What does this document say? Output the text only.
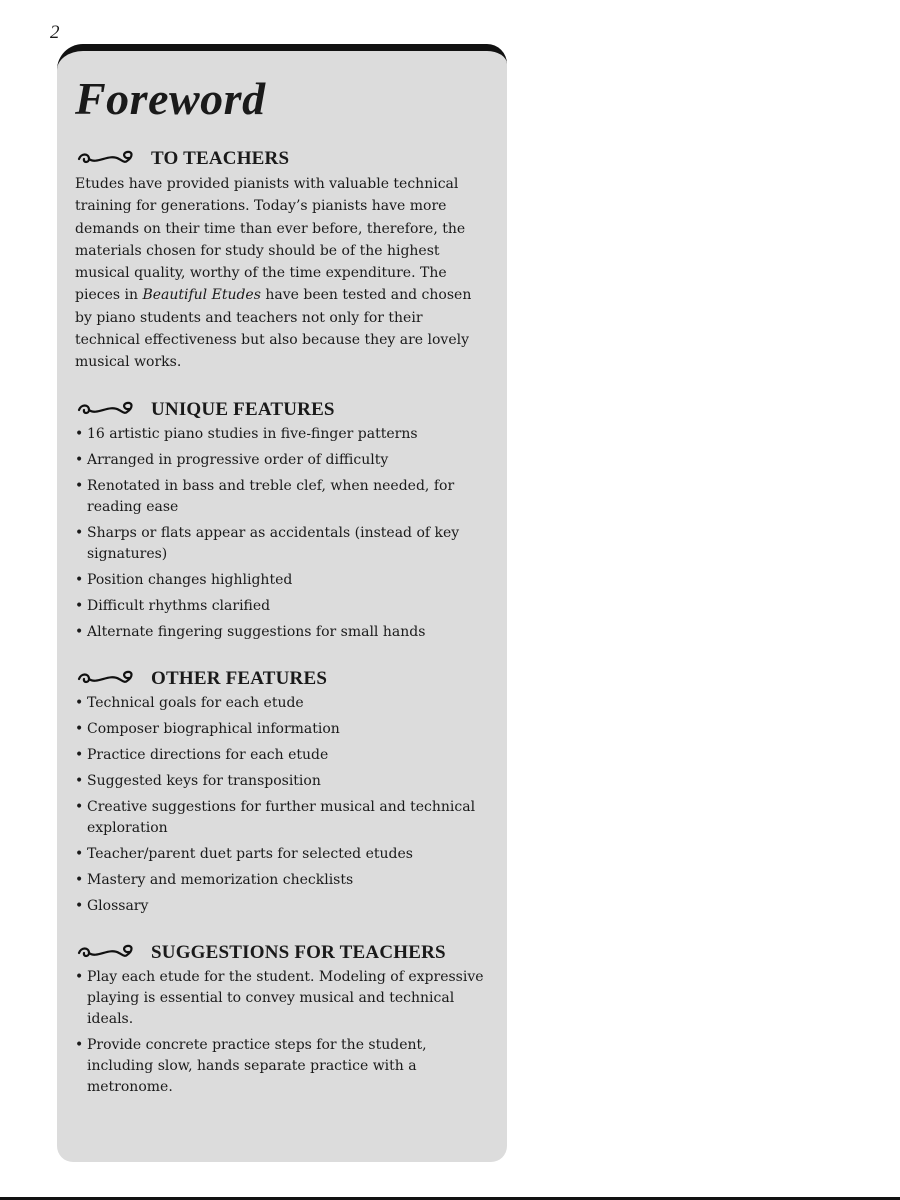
2
Foreword
TO TEACHERS

Etudes have provided pianists with valuable technical training for generations. Today’s pianists have more demands on their time than ever before, therefore, the materials chosen for study should be of the highest musical quality, worthy of the time expenditure. The pieces in Beautiful Etudes have been tested and chosen by piano students and teachers not only for their technical effectiveness but also because they are lovely musical works.

UNIQUE FEATURES
• 16 artistic piano studies in five-finger patterns
• Arranged in progressive order of difficulty
• Renotated in bass and treble clef, when needed, for reading ease
• Sharps or flats appear as accidentals (instead of key signatures)
• Position changes highlighted
• Difficult rhythms clarified
• Alternate fingering suggestions for small hands
OTHER FEATURES
• Technical goals for each etude
• Composer biographical information
• Practice directions for each etude
• Suggested keys for transposition
• Creative suggestions for further musical and technical exploration
• Teacher/parent duet parts for selected etudes
• Mastery and memorization checklists
• Glossary
SUGGESTIONS FOR TEACHERS
• Play each etude for the student. Modeling of expressive playing is essential to convey musical and technical ideals.
• Provide concrete practice steps for the student, including slow, hands separate practice with a metronome.
